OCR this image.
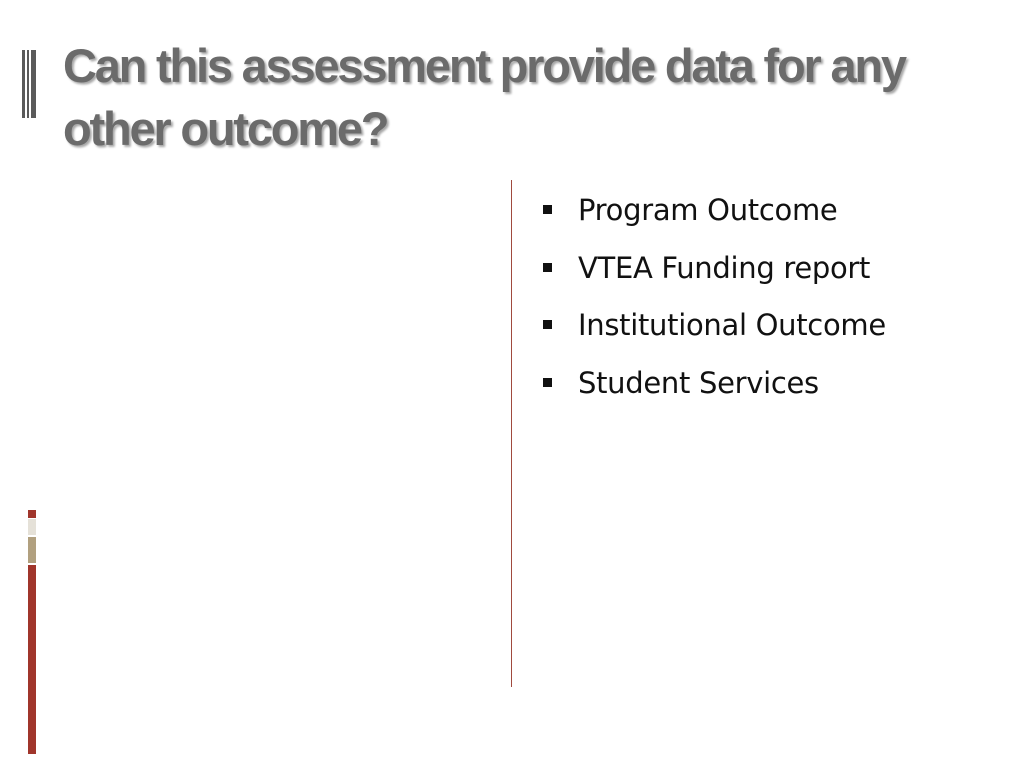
Can this assessment provide data for any other outcome?
Program Outcome
VTEA Funding report
Institutional Outcome
Student Services
